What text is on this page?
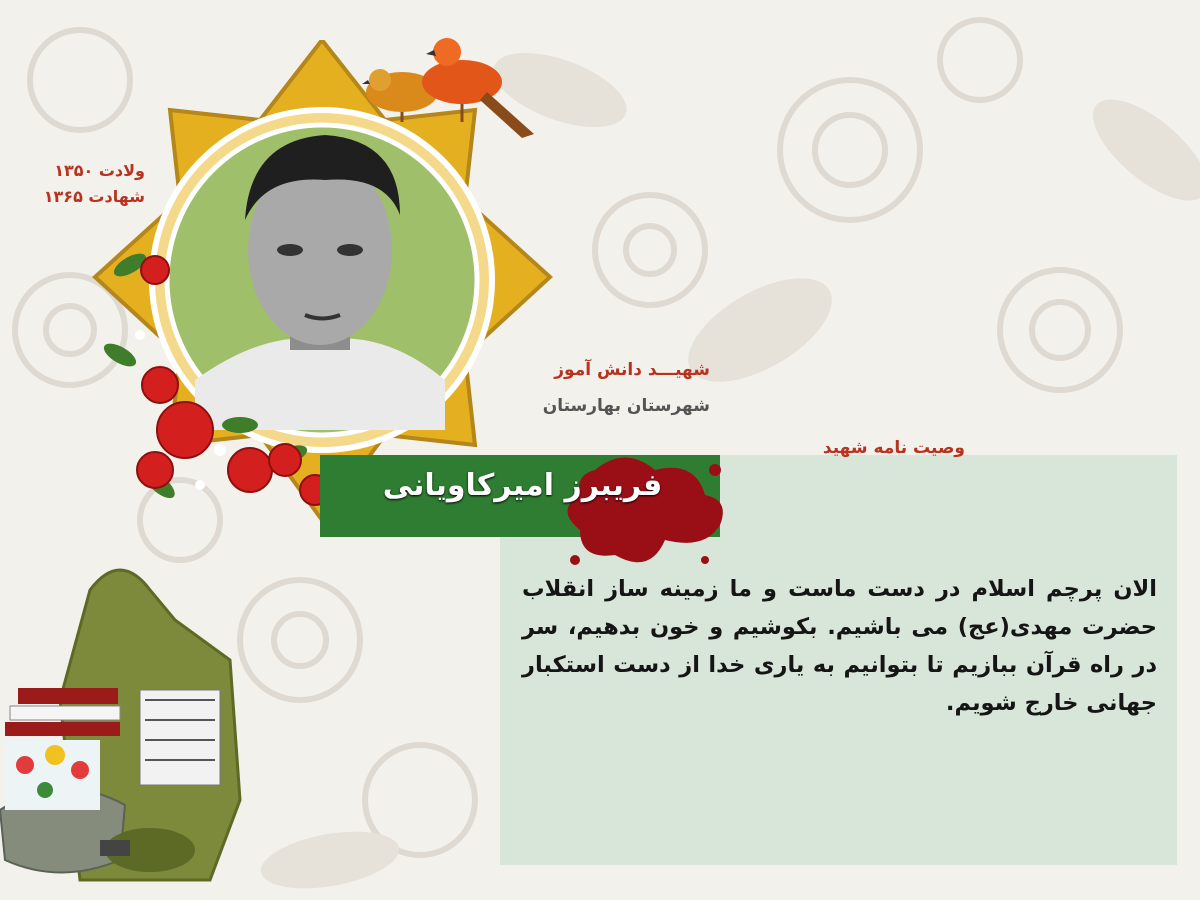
ولادت ۱۳۵۰
شهادت ۱۳۶۵
شهیـــد دانش آموز
شهرستان بهارستان
فریبرز امیرکاویانی
وصیت نامه شهید
الان پرچم اسلام در دست ماست و ما زمینه ساز انقلاب حضرت مهدی(عج) می باشیم. بکوشیم و خون بدهیم، سر در راه قرآن ببازیم تا بتوانیم به یاری خدا از دست استکبار جهانی خارج شویم.
